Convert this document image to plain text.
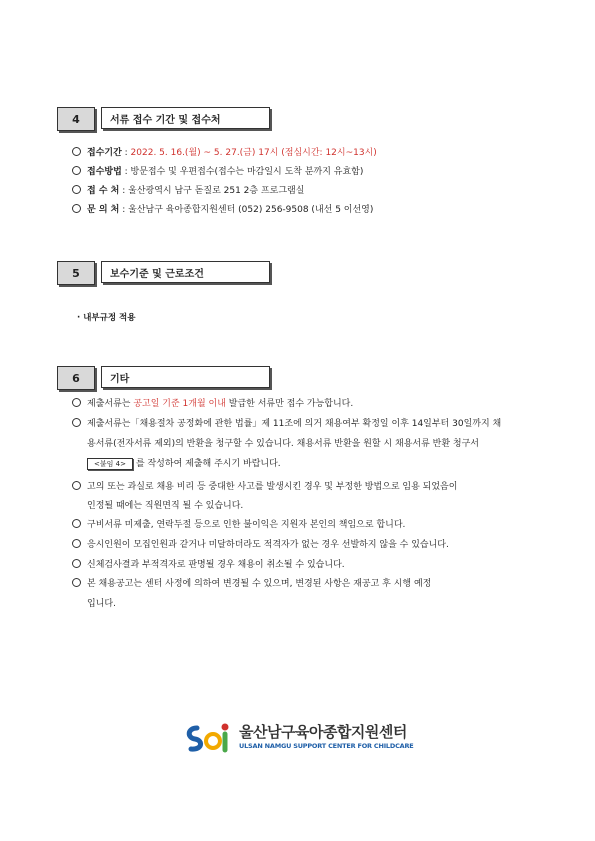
4	서류 접수 기간 및 접수처
접수기간 : 2022. 5. 16.(월) ~ 5. 27.(금) 17시 (점심시간: 12시~13시)
접수방법 : 방문접수 및 우편접수(접수는 마감일시 도착 분까지 유효함)
접 수 처 : 울산광역시 남구 돋질로 251 2층 프로그램실
문 의 처 : 울산남구 육아종합지원센터 (052) 256-9508 (내선 5 이선영)
5	보수기준 및 근로조건
· 내부규정 적용
6	기타
제출서류는 공고일 기준 1개월 이내 발급한 서류만 접수 가능합니다.
제출서류는「채용절차 공정화에 관한 법률」제 11조에 의거 채용여부 확정일 이후 14일부터 30일까지 채
용서류(전자서류 제외)의 반환을 청구할 수 있습니다. 채용서류 반환을 원할 시 채용서류 반환 청구서
<붙임 4> 를 작성하여 제출해 주시기 바랍니다.
고의 또는 과실로 채용 비리 등 중대한 사고를 발생시킨 경우 및 부정한 방법으로 임용 되었음이
인정될 때에는 직원면직 될 수 있습니다.
구비서류 미제출, 연락두절 등으로 인한 불이익은 지원자 본인의 책임으로 합니다.
응시인원이 모집인원과 같거나 미달하더라도 적격자가 없는 경우 선발하지 않을 수 있습니다.
신체검사결과 부적격자로 판명될 경우 채용이 취소될 수 있습니다.
본 채용공고는 센터 사정에 의하여 변경될 수 있으며, 변경된 사항은 재공고 후 시행 예정
입니다.
울산남구육아종합지원센터
ULSAN NAMGU SUPPORT CENTER FOR CHILDCARE
